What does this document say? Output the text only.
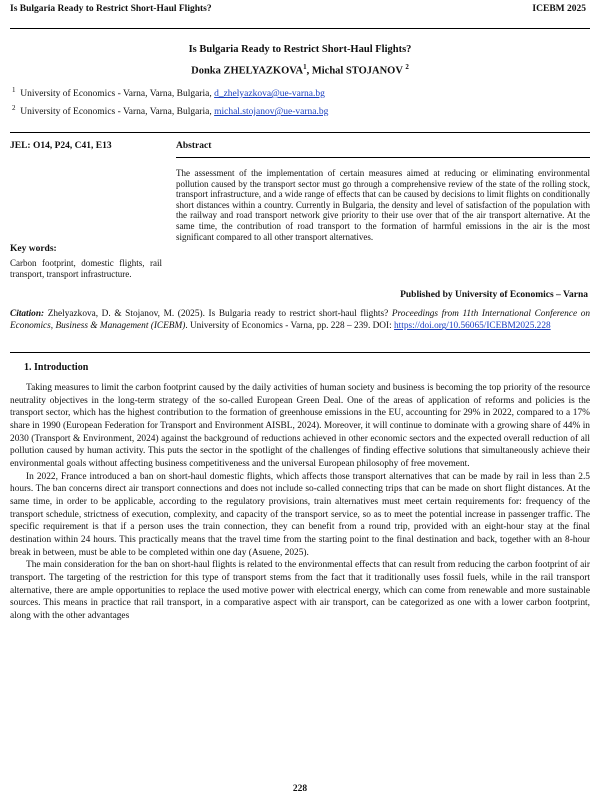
Is Bulgaria Ready to Restrict Short-Haul Flights?	ICEBM 2025
Is Bulgaria Ready to Restrict Short-Haul Flights?
Donka ZHELYAZKOVA$^1$, Michal STOJANOV $^2$
$^1$ University of Economics - Varna, Varna, Bulgaria, d_zhelyazkova@ue-varna.bg
$^2$ University of Economics - Varna, Varna, Bulgaria, michal.stojanov@ue-varna.bg
JEL: O14, P24, C41, E13	Abstract
The assessment of the implementation of certain measures aimed at reducing or eliminating environmental pollution caused by the transport sector must go through a comprehensive review of the state of the rolling stock, transport infrastructure, and a wide range of effects that can be caused by decisions to limit flights on conditionally short distances within a country. Currently in Bulgaria, the density and level of satisfaction of the population with the railway and road transport network give priority to their use over that of the air transport alternative. At the same time, the contribution of road transport to the formation of harmful emissions in the air is the most significant compared to all other transport alternatives.
Key words:
Carbon footprint, domestic flights, rail transport, transport infrastructure.
Published by University of Economics – Varna
Citation: Zhelyazkova, D. & Stojanov, M. (2025). Is Bulgaria ready to restrict short-haul flights? Proceedings from 11th International Conference on Economics, Business & Management (ICEBM). University of Economics - Varna, pp. 228 – 239. DOI: https://doi.org/10.56065/ICEBM2025.228
1. Introduction

Taking measures to limit the carbon footprint caused by the daily activities of human society and business is becoming the top priority of the resource neutrality objectives in the long-term strategy of the so-called European Green Deal. One of the areas of application of reforms and policies is the transport sector, which has the highest contribution to the formation of greenhouse emissions in the EU, accounting for 29% in 2022, compared to a 17% share in 1990 (European Federation for Transport and Environment AISBL, 2024). Moreover, it will continue to dominate with a growing share of 44% in 2030 (Transport & Environment, 2024) against the background of reductions achieved in other economic sectors and the expected overall reduction of all pollution caused by human activity. This puts the sector in the spotlight of the challenges of finding effective solutions that simultaneously achieve their environmental goals without affecting business competitiveness and the universal European philosophy of free movement.

In 2022, France introduced a ban on short-haul domestic flights, which affects those transport alternatives that can be made by rail in less than 2.5 hours. The ban concerns direct air transport connections and does not include so-called connecting trips that can be made on short flight distances. At the same time, in order to be applicable, according to the regulatory provisions, train alternatives must meet certain requirements for: frequency of the transport schedule, strictness of execution, complexity, and capacity of the transport service, so as to meet the potential increase in passenger traffic. The specific requirement is that if a person uses the train connection, they can benefit from a round trip, provided with an eight-hour stay at the final destination within 24 hours. This practically means that the travel time from the starting point to the final destination and back, together with an 8-hour break in between, must be able to be completed within one day (Asuene, 2025).

The main consideration for the ban on short-haul flights is related to the environmental effects that can result from reducing the carbon footprint of air transport. The targeting of the restriction for this type of transport stems from the fact that it traditionally uses fossil fuels, while in the rail transport alternative, there are ample opportunities to replace the used motive power with electrical energy, which can come from renewable and more sustainable sources. This means in practice that rail transport, in a comparative aspect with air transport, can be categorized as one with a lower carbon footprint, along with the other advantages

228
